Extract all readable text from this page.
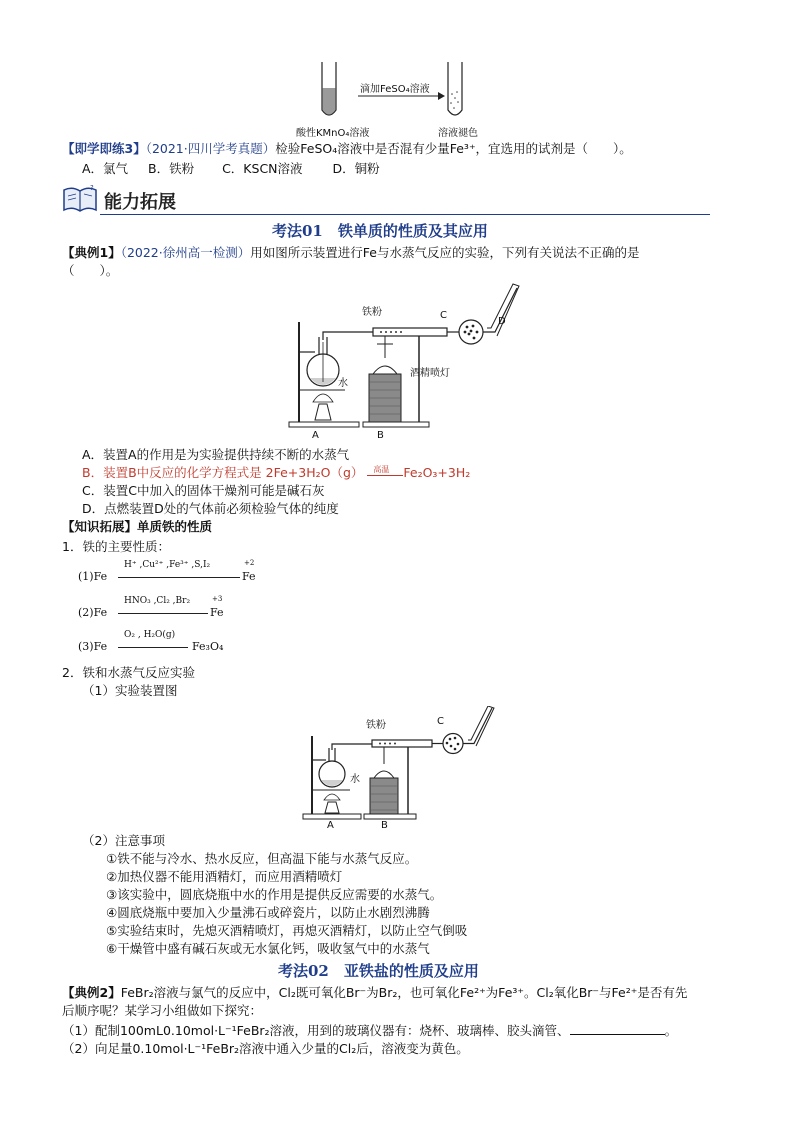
滴加FeSO₄溶液
酸性KMnO₄溶液	溶液褪色
【即学即练3】（2021·四川学考真题）检验FeSO₄溶液中是否混有少量Fe³⁺，宜选用的试剂是（　　）。
A．氯气 B．铁粉 C．KSCN溶液 D．铜粉
?
能力拓展
考法01　铁单质的性质及其应用
【典例1】（2022·徐州高一检测）用如图所示装置进行Fe与水蒸气反应的实验，下列有关说法不正确的是
（　　）。
铁粉	C
D
水
酒精喷灯
A	B
A．装置A的作用是为实验提供持续不断的水蒸气
B．装置B中反应的化学方程式是 2Fe+3H₂O（g） 高温 Fe₂O₃+3H₂
C．装置C中加入的固体干燥剂可能是碱石灰
D．点燃装置D处的气体前必须检验气体的纯度
【知识拓展】单质铁的性质
1．铁的主要性质：
(1)Fe
H⁺ ,Cu²⁺ ,Fe³⁺ ,S,I₂	+2
Fe
(2)Fe
HNO₃ ,Cl₂ ,Br₂	+3
Fe
(3)Fe
O₂ , H₂O(g)
Fe₃O₄
2．铁和水蒸气反应实验
（1）实验装置图
铁粉	C
水
A	B
（2）注意事项
①铁不能与冷水、热水反应，但高温下能与水蒸气反应。
②加热仪器不能用酒精灯，而应用酒精喷灯
③该实验中，圆底烧瓶中水的作用是提供反应需要的水蒸气。
④圆底烧瓶中要加入少量沸石或碎瓷片，以防止水剧烈沸腾
⑤实验结束时，先熄灭酒精喷灯，再熄灭酒精灯，以防止空气倒吸
⑥干燥管中盛有碱石灰或无水氯化钙，吸收氢气中的水蒸气
考法02　亚铁盐的性质及应用
【典例2】FeBr₂溶液与氯气的反应中，Cl₂既可氧化Br⁻为Br₂，也可氧化Fe²⁺为Fe³⁺。Cl₂氧化Br⁻与Fe²⁺是否有先
后顺序呢？某学习小组做如下探究：
（1）配制100mL0.10mol·L⁻¹FeBr₂溶液，用到的玻璃仪器有：烧杯、玻璃棒、胶头滴管、	。
（2）向足量0.10mol·L⁻¹FeBr₂溶液中通入少量的Cl₂后，溶液变为黄色。
